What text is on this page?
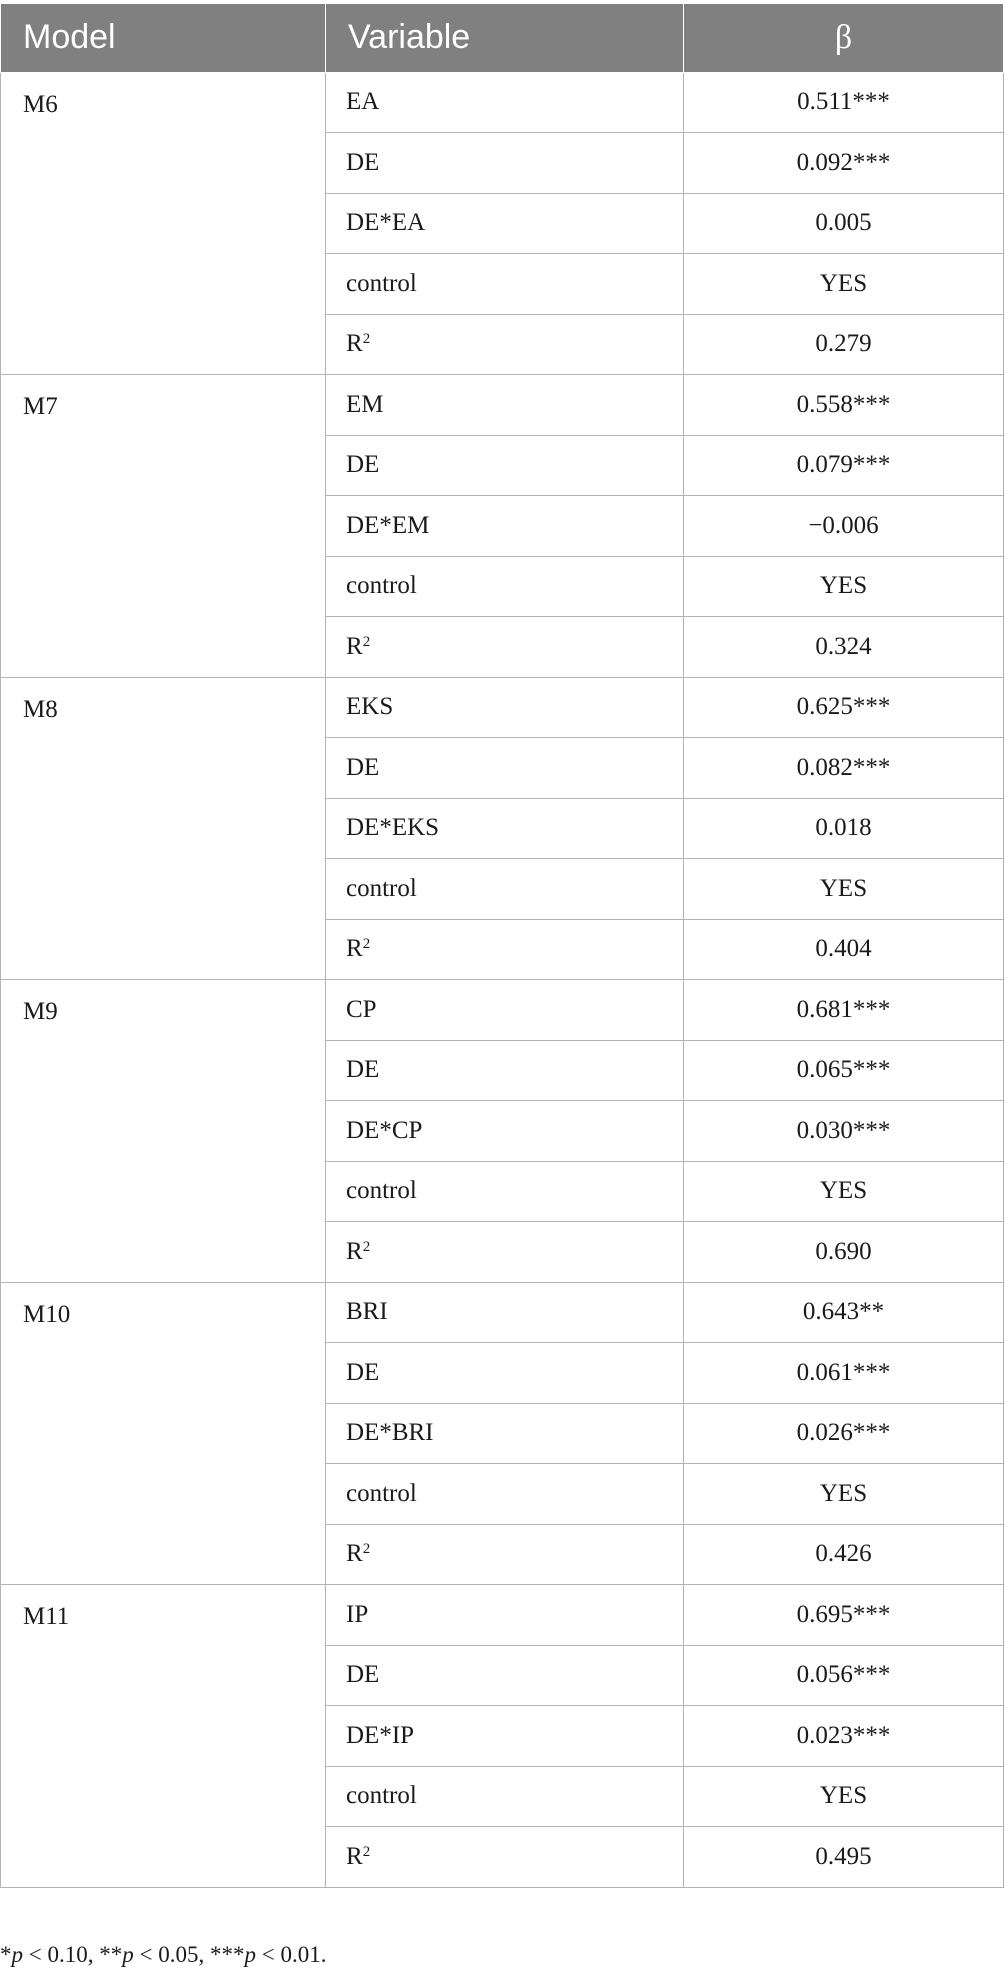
Model	Variable	β
M6	EA	0.511***
	DE	0.092***
	DE*EA	0.005
	control	YES
	$R^2$	0.279
M7	EM	0.558***
	DE	0.079***
	DE*EM	−0.006
	control	YES
	$R^2$	0.324
M8	EKS	0.625***
	DE	0.082***
	DE*EKS	0.018
	control	YES
	$R^2$	0.404
M9	CP	0.681***
	DE	0.065***
	DE*CP	0.030***
	control	YES
	$R^2$	0.690
M10	BRI	0.643**
	DE	0.061***
	DE*BRI	0.026***
	control	YES
	$R^2$	0.426
M11	IP	0.695***
	DE	0.056***
	DE*IP	0.023***
	control	YES
	$R^2$	0.495
*p < 0.10, **p < 0.05, ***p < 0.01.
